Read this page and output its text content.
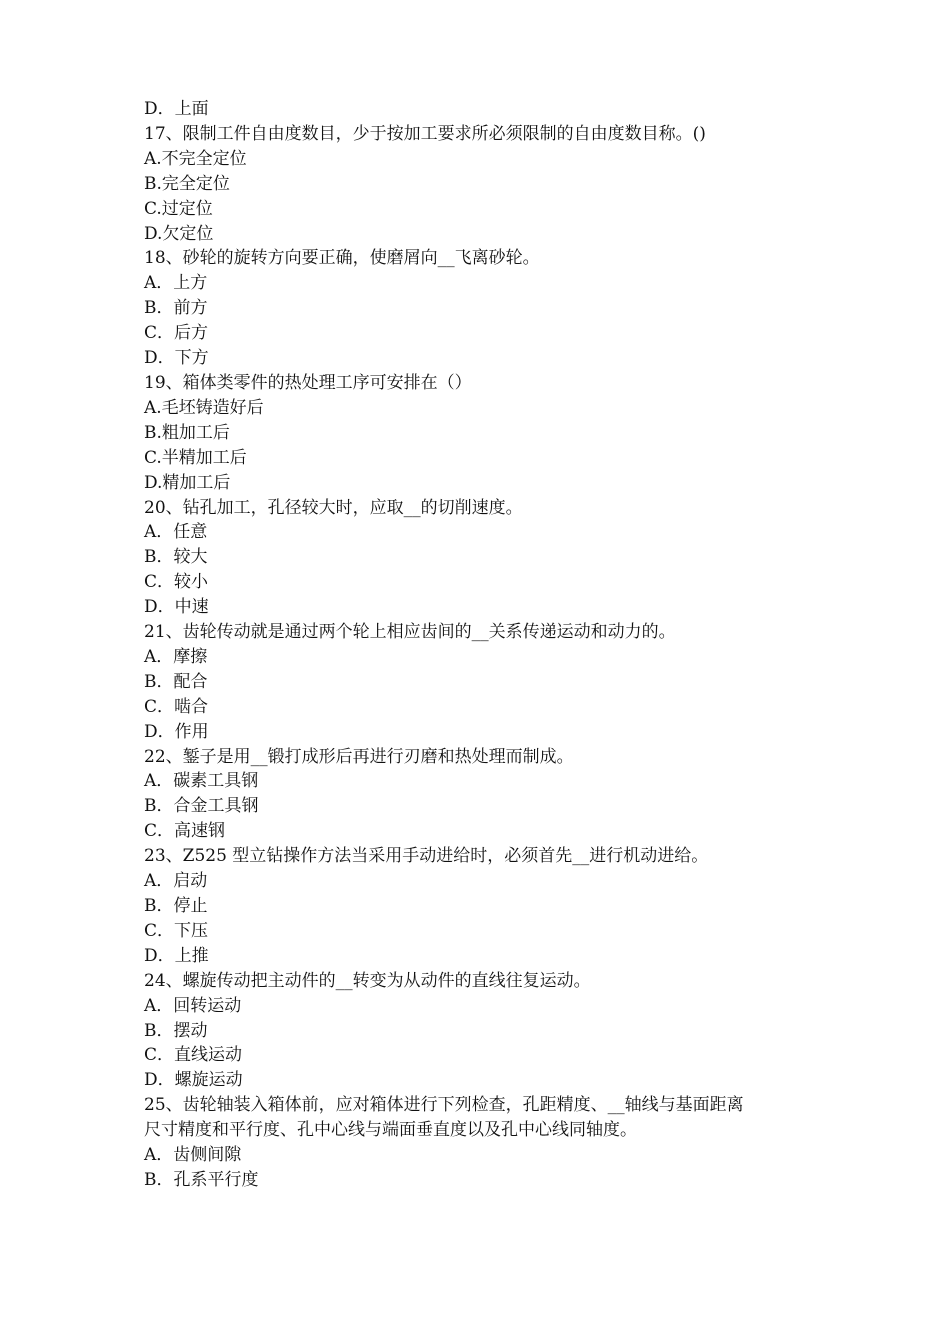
D．上面

17、限制工件自由度数目，少于按加工要求所必须限制的自由度数目称。()

A.不完全定位

B.完全定位

C.过定位

D.欠定位

18、砂轮的旋转方向要正确，使磨屑向__飞离砂轮。

A．上方

B．前方

C．后方

D．下方

19、箱体类零件的热处理工序可安排在（）

A.毛坯铸造好后

B.粗加工后

C.半精加工后

D.精加工后

20、钻孔加工，孔径较大时，应取__的切削速度。

A．任意

B．较大

C．较小

D．中速

21、齿轮传动就是通过两个轮上相应齿间的__关系传递运动和动力的。

A．摩擦

B．配合

C．啮合

D．作用

22、錾子是用__锻打成形后再进行刃磨和热处理而制成。

A．碳素工具钢

B．合金工具钢

C．高速钢

23、Z525 型立钻操作方法当采用手动进给时，必须首先__进行机动进给。

A．启动

B．停止

C．下压

D．上推

24、螺旋传动把主动件的__转变为从动件的直线往复运动。

A．回转运动

B．摆动

C．直线运动

D．螺旋运动

25、齿轮轴装入箱体前，应对箱体进行下列检查，孔距精度、__轴线与基面距离

尺寸精度和平行度、孔中心线与端面垂直度以及孔中心线同轴度。

A．齿侧间隙

B．孔系平行度
